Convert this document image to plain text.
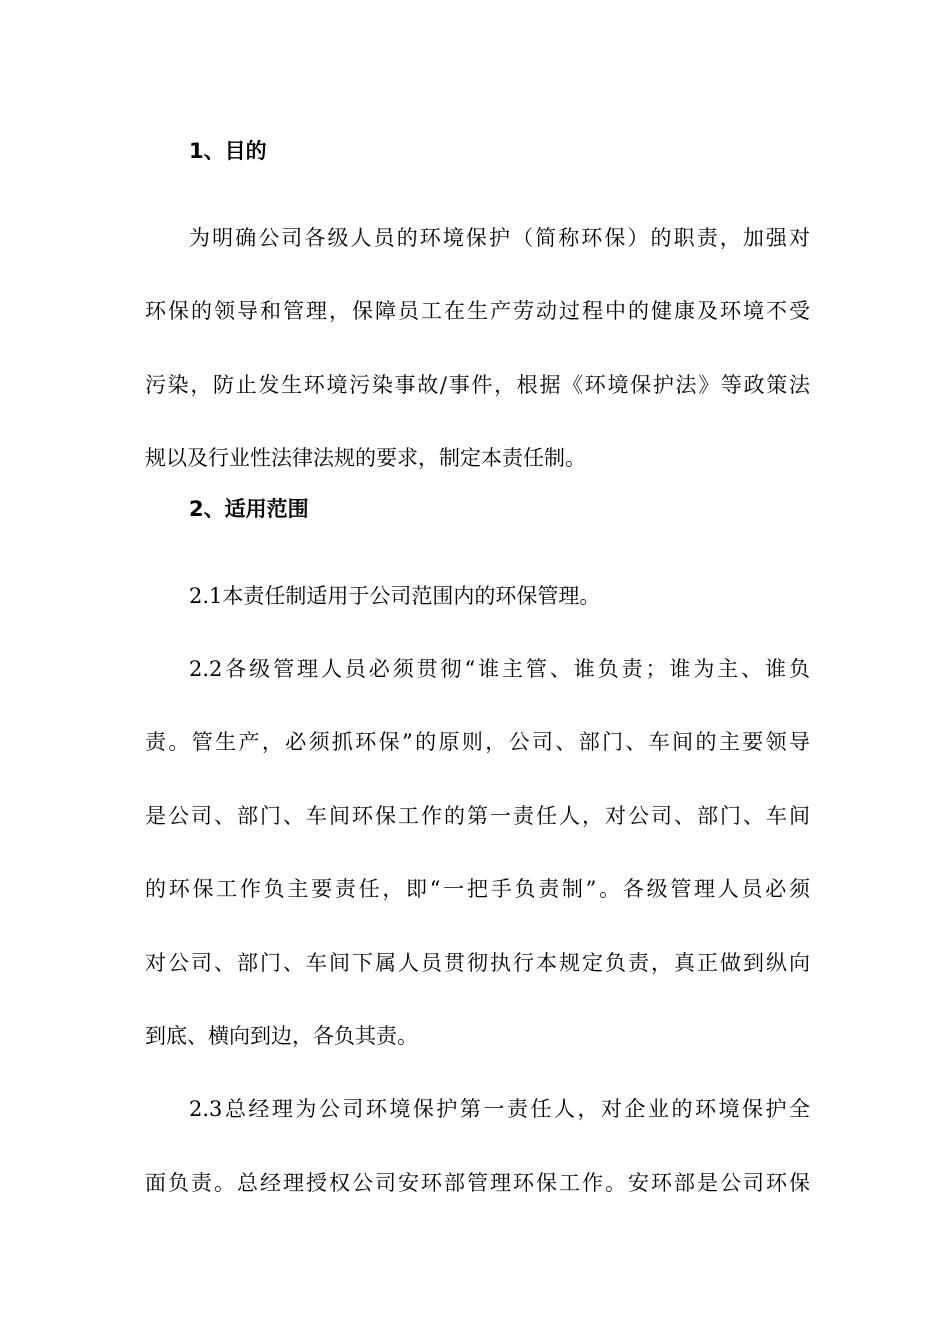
1、目的
为明确公司各级人员的环境保护（简称环保）的职责，加强对
环保的领导和管理，保障员工在生产劳动过程中的健康及环境不受
污染，防止发生环境污染事故/事件，根据《环境保护法》等政策法
规以及行业性法律法规的要求，制定本责任制。
2、适用范围
2.1本责任制适用于公司范围内的环保管理。
2.2各级管理人员必须贯彻“谁主管、谁负责；谁为主、谁负
责。管生产，必须抓环保”的原则，公司、部门、车间的主要领导
是公司、部门、车间环保工作的第一责任人，对公司、部门、车间
的环保工作负主要责任，即“一把手负责制”。各级管理人员必须
对公司、部门、车间下属人员贯彻执行本规定负责，真正做到纵向
到底、横向到边，各负其责。
2.3总经理为公司环境保护第一责任人，对企业的环境保护全
面负责。总经理授权公司安环部管理环保工作。安环部是公司环保
